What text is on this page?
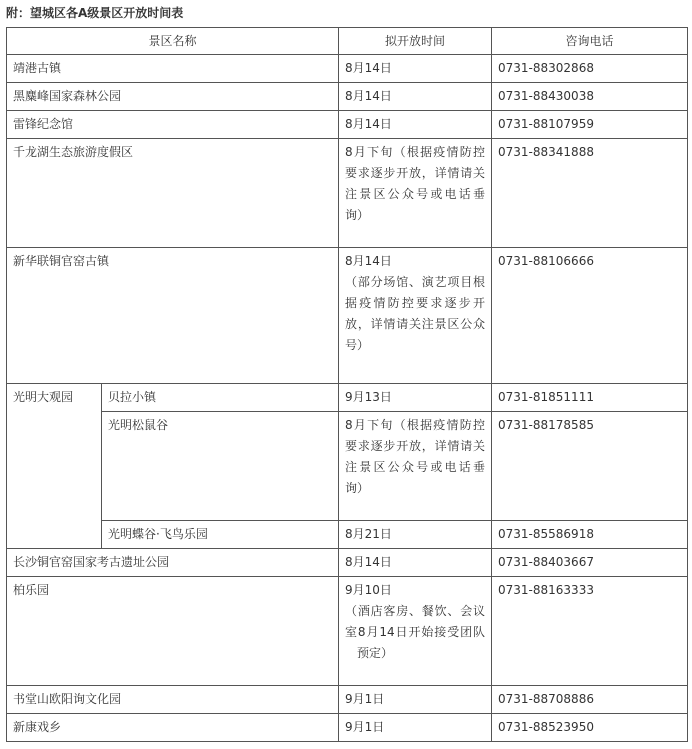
附：望城区各A级景区开放时间表
景区名称		拟开放时间	咨询电话
靖港古镇		8月14日	0731-88302868
黑麋峰国家森林公园		8月14日	0731-88430038
雷锋纪念馆		8月14日	0731-88107959
千龙湖生态旅游度假区		8月下旬（根据疫情防控
要求逐步开放，详情请关
注景区公众号或电话垂
询）	0731-88341888
新华联铜官窑古镇		8月14日
（部分场馆、演艺项目根
据疫情防控要求逐步开
放，详情请关注景区公众
号）	0731-88106666
光明大观园	贝拉小镇	9月13日	0731-81851111
	光明松鼠谷	8月下旬（根据疫情防控
要求逐步开放，详情请关
注景区公众号或电话垂
询）	0731-88178585
	光明蝶谷·飞鸟乐园	8月21日	0731-85586918
长沙铜官窑国家考古遗址公园		8月14日	0731-88403667
柏乐园		9月10日
（酒店客房、餐饮、会议
室8月14日开始接受团队
预定）	0731-88163333
书堂山欧阳询文化园		9月1日	0731-88708886
新康戏乡		9月1日	0731-88523950
